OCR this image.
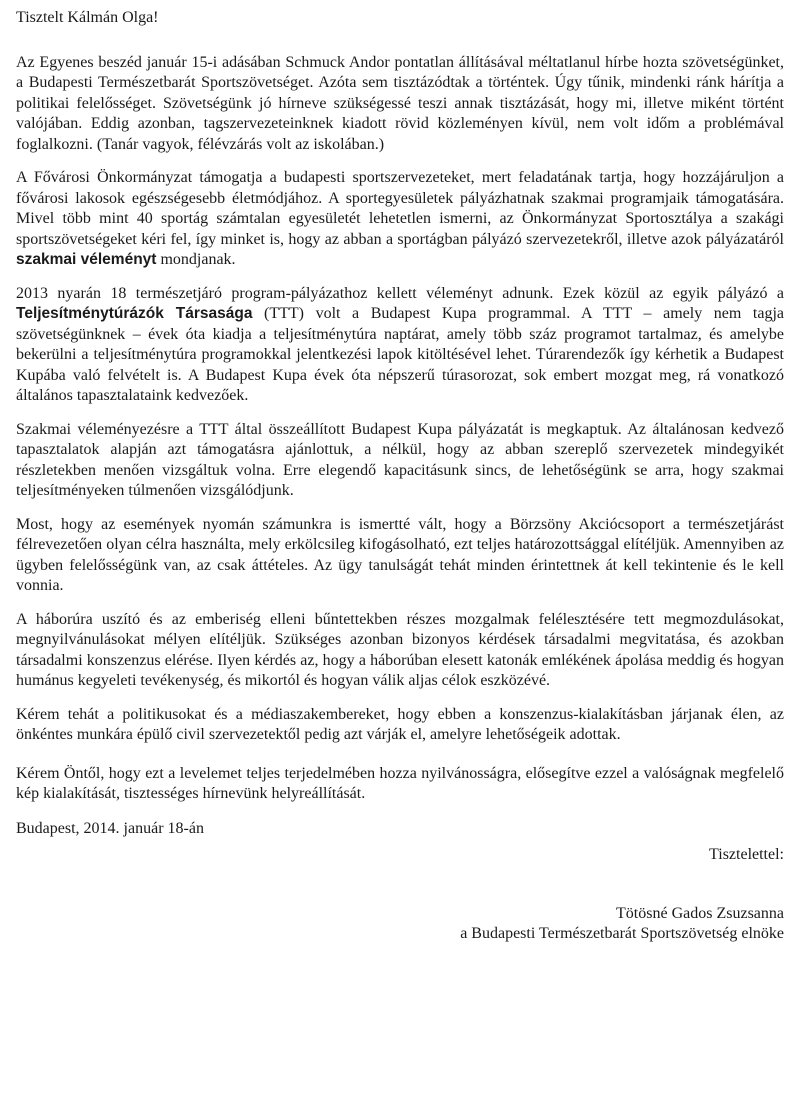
Tisztelt Kálmán Olga!

Az Egyenes beszéd január 15-i adásában Schmuck Andor pontatlan állításával méltatlanul hírbe hozta szövetségünket, a Budapesti Természetbarát Sportszövetséget. Azóta sem tisztázódtak a történtek. Úgy tűnik, mindenki ránk hárítja a politikai felelősséget. Szövetségünk jó hírneve szükségessé teszi annak tisztázását, hogy mi, illetve miként történt valójában. Eddig azonban, tagszervezeteinknek kiadott rövid közleményen kívül, nem volt időm a problémával foglalkozni. (Tanár vagyok, félévzárás volt az iskolában.)

A Fővárosi Önkormányzat támogatja a budapesti sportszervezeteket, mert feladatának tartja, hogy hozzájáruljon a fővárosi lakosok egészségesebb életmódjához. A sportegyesületek pályázhatnak szakmai programjaik támogatására. Mivel több mint 40 sportág számtalan egyesületét lehetetlen ismerni, az Önkormányzat Sportosztálya a szakági sportszövetségeket kéri fel, így minket is, hogy az abban a sportágban pályázó szervezetekről, illetve azok pályázatáról szakmai véleményt mondjanak.

2013 nyarán 18 természetjáró program-pályázathoz kellett véleményt adnunk. Ezek közül az egyik pályázó a Teljesítménytúrázók Társasága (TTT) volt a Budapest Kupa programmal. A TTT – amely nem tagja szövetségünknek – évek óta kiadja a teljesítménytúra naptárat, amely több száz programot tartalmaz, és amelybe bekerülni a teljesítménytúra programokkal jelentkezési lapok kitöltésével lehet. Túrarendezők így kérhetik a Budapest Kupába való felvételt is. A Budapest Kupa évek óta népszerű túrasorozat, sok embert mozgat meg, rá vonatkozó általános tapasztalataink kedvezőek.

Szakmai véleményezésre a TTT által összeállított Budapest Kupa pályázatát is megkaptuk. Az általánosan kedvező tapasztalatok alapján azt támogatásra ajánlottuk, a nélkül, hogy az abban szereplő szervezetek mindegyikét részletekben menően vizsgáltuk volna. Erre elegendő kapacitásunk sincs, de lehetőségünk se arra, hogy szakmai teljesítményeken túlmenően vizsgálódjunk.

Most, hogy az események nyomán számunkra is ismertté vált, hogy a Börzsöny Akciócsoport a természetjárást félrevezetően olyan célra használta, mely erkölcsileg kifogásolható, ezt teljes határozottsággal elítéljük. Amennyiben az ügyben felelősségünk van, az csak áttételes. Az ügy tanulságát tehát minden érintettnek át kell tekintenie és le kell vonnia.

A háborúra uszító és az emberiség elleni bűntettekben részes mozgalmak felélesztésére tett megmozdulásokat, megnyilvánulásokat mélyen elítéljük. Szükséges azonban bizonyos kérdések társadalmi megvitatása, és azokban társadalmi konszenzus elérése. Ilyen kérdés az, hogy a háborúban elesett katonák emlékének ápolása meddig és hogyan humánus kegyeleti tevékenység, és mikortól és hogyan válik aljas célok eszközévé.

Kérem tehát a politikusokat és a médiaszakembereket, hogy ebben a konszenzus-kialakításban járjanak élen, az önkéntes munkára épülő civil szervezetektől pedig azt várják el, amelyre lehetőségeik adottak.

Kérem Öntől, hogy ezt a levelemet teljes terjedelmében hozza nyilvánosságra, elősegítve ezzel a valóságnak megfelelő kép kialakítását, tisztességes hírnevünk helyreállítását.

Budapest, 2014. január 18-án

Tisztelettel:

Tötösné Gados Zsuzsanna
a Budapesti Természetbarát Sportszövetség elnöke
